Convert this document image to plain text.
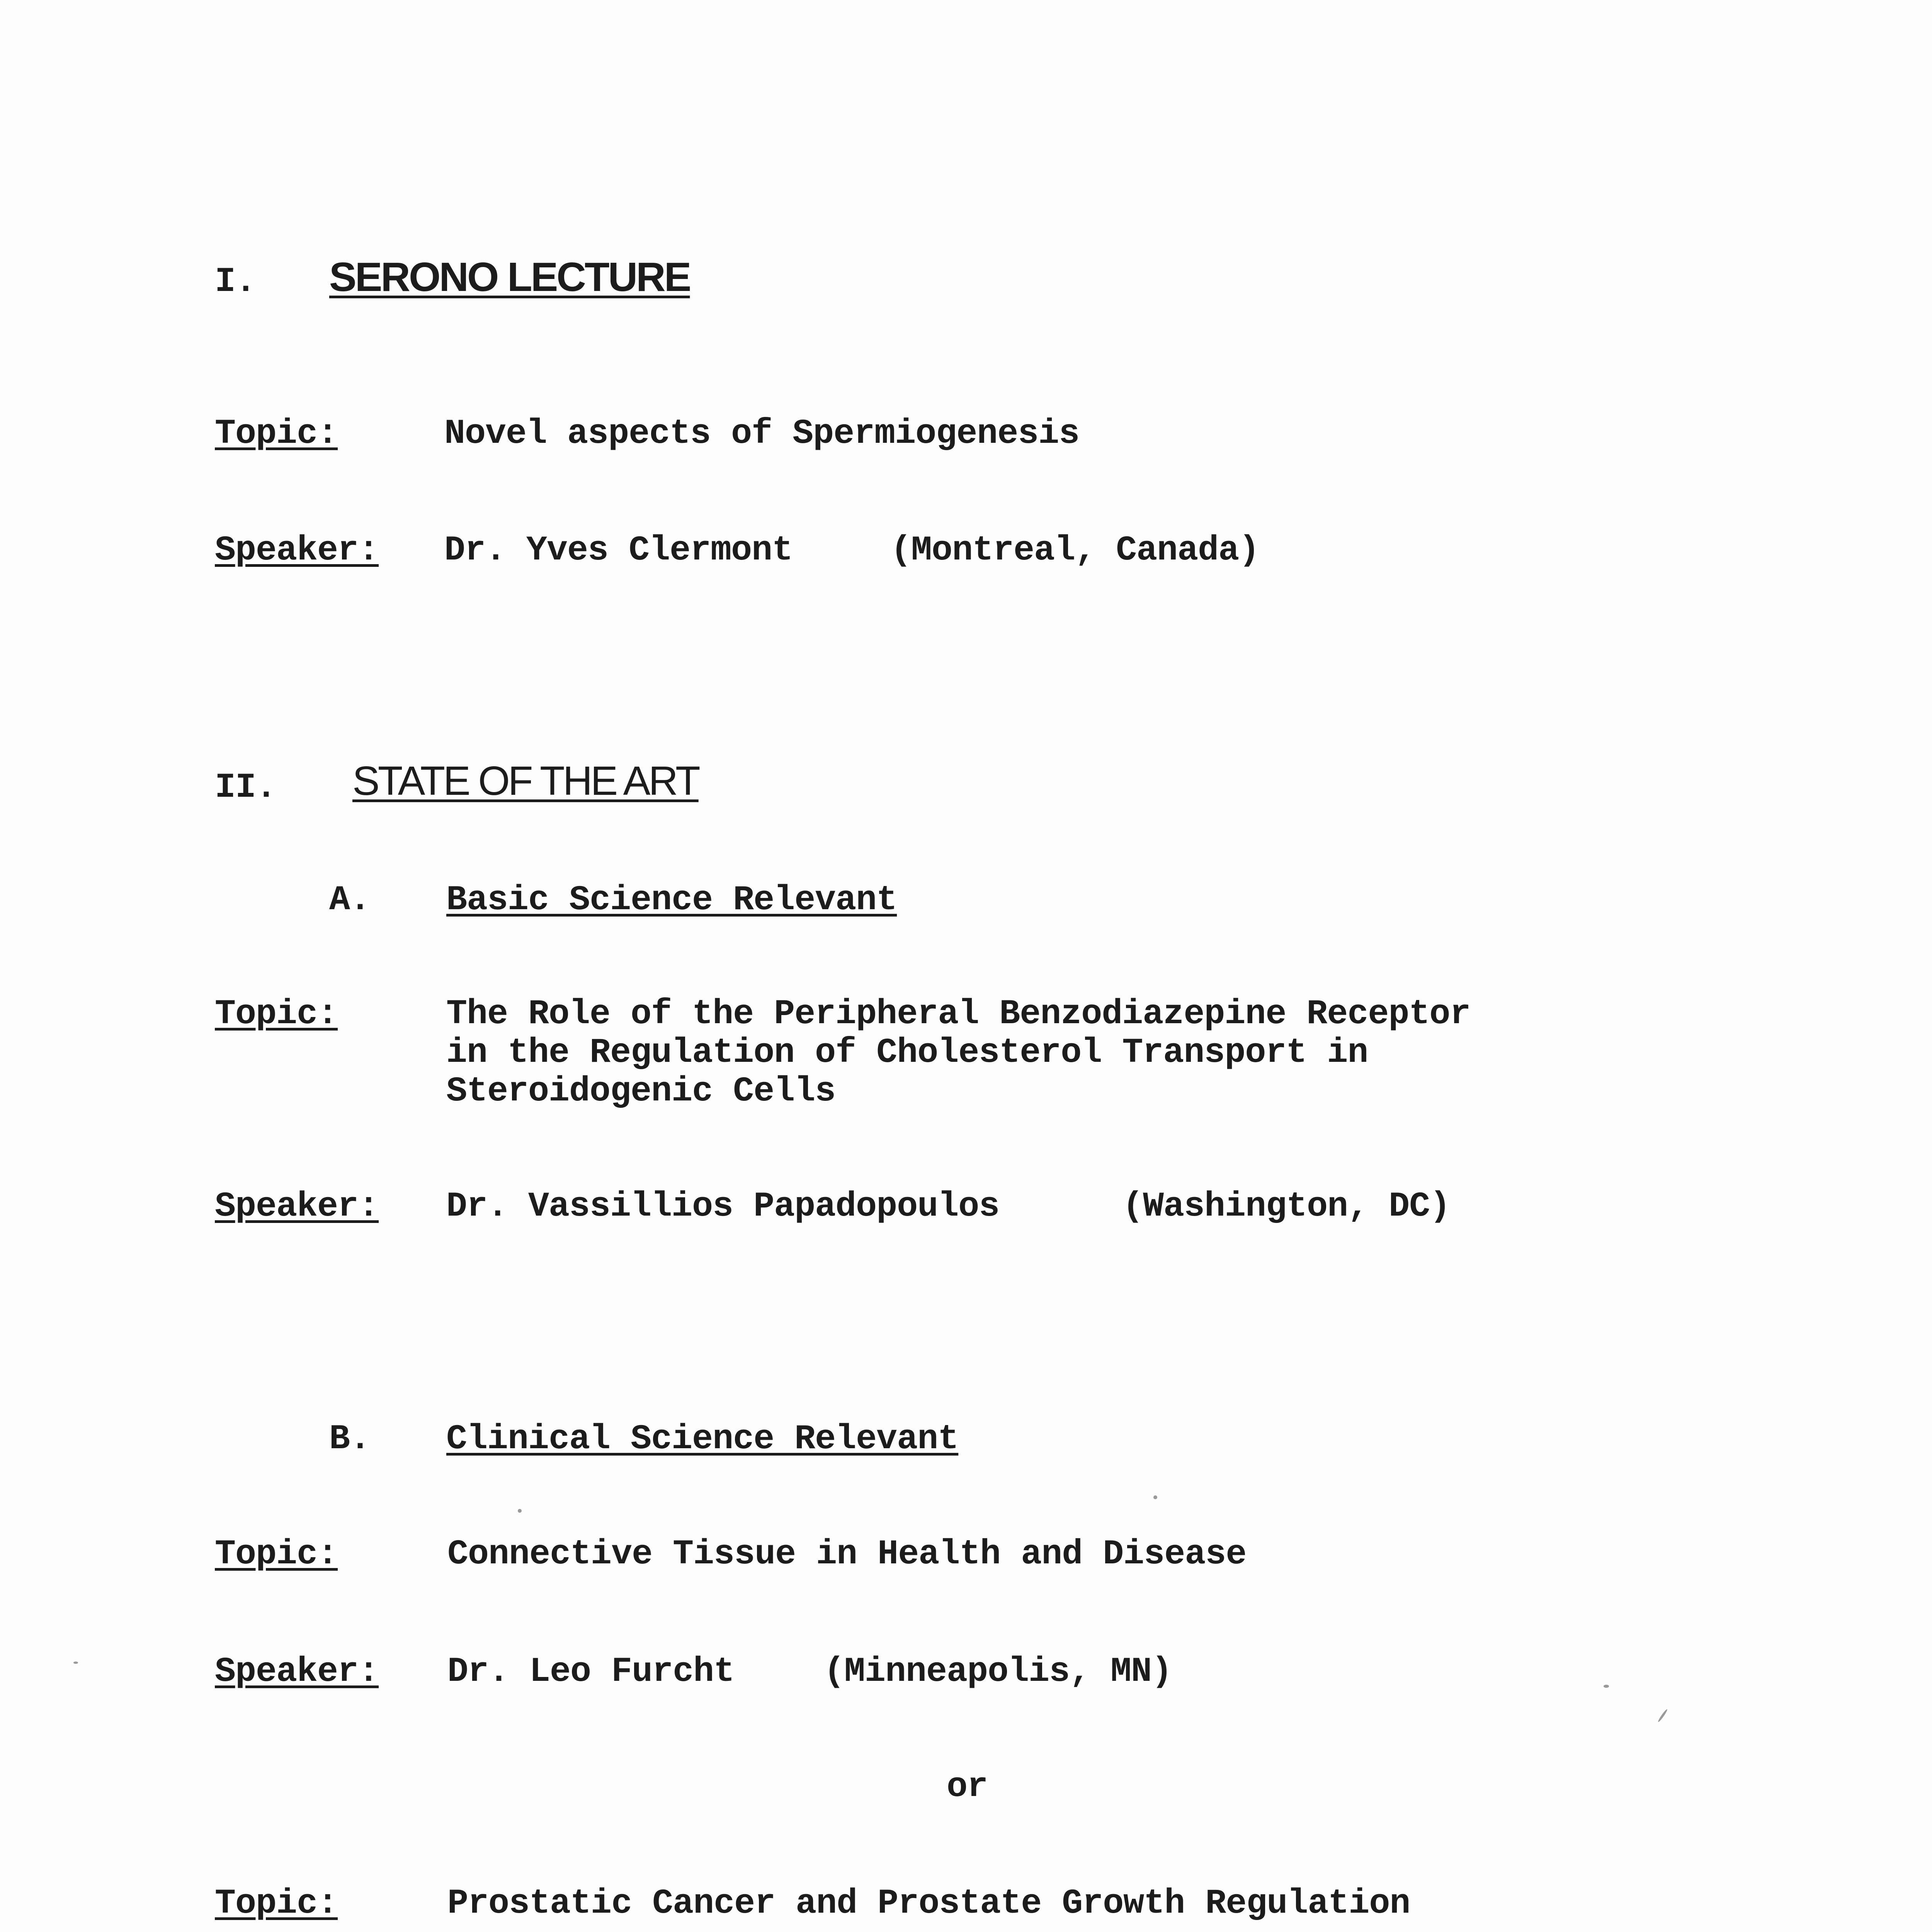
I. SERONO LECTURE
Topic:	Novel aspects of Spermiogenesis
Speaker: Dr. Yves Clermont	(Montreal, Canada)
II. STATE OF THE ART
A. Basic Science Relevant
Topic:	The Role of the Peripheral Benzodiazepine Receptor
in the Regulation of Cholesterol Transport in
Steroidogenic Cells
Speaker: Dr. Vassillios Papadopoulos	(Washington, DC)
B. Clinical Science Relevant
Topic:	Connective Tissue in Health and Disease
Speaker: Dr. Leo Furcht	(Minneapolis, MN)
or
Topic:	Prostatic Cancer and Prostate Growth Regulation
